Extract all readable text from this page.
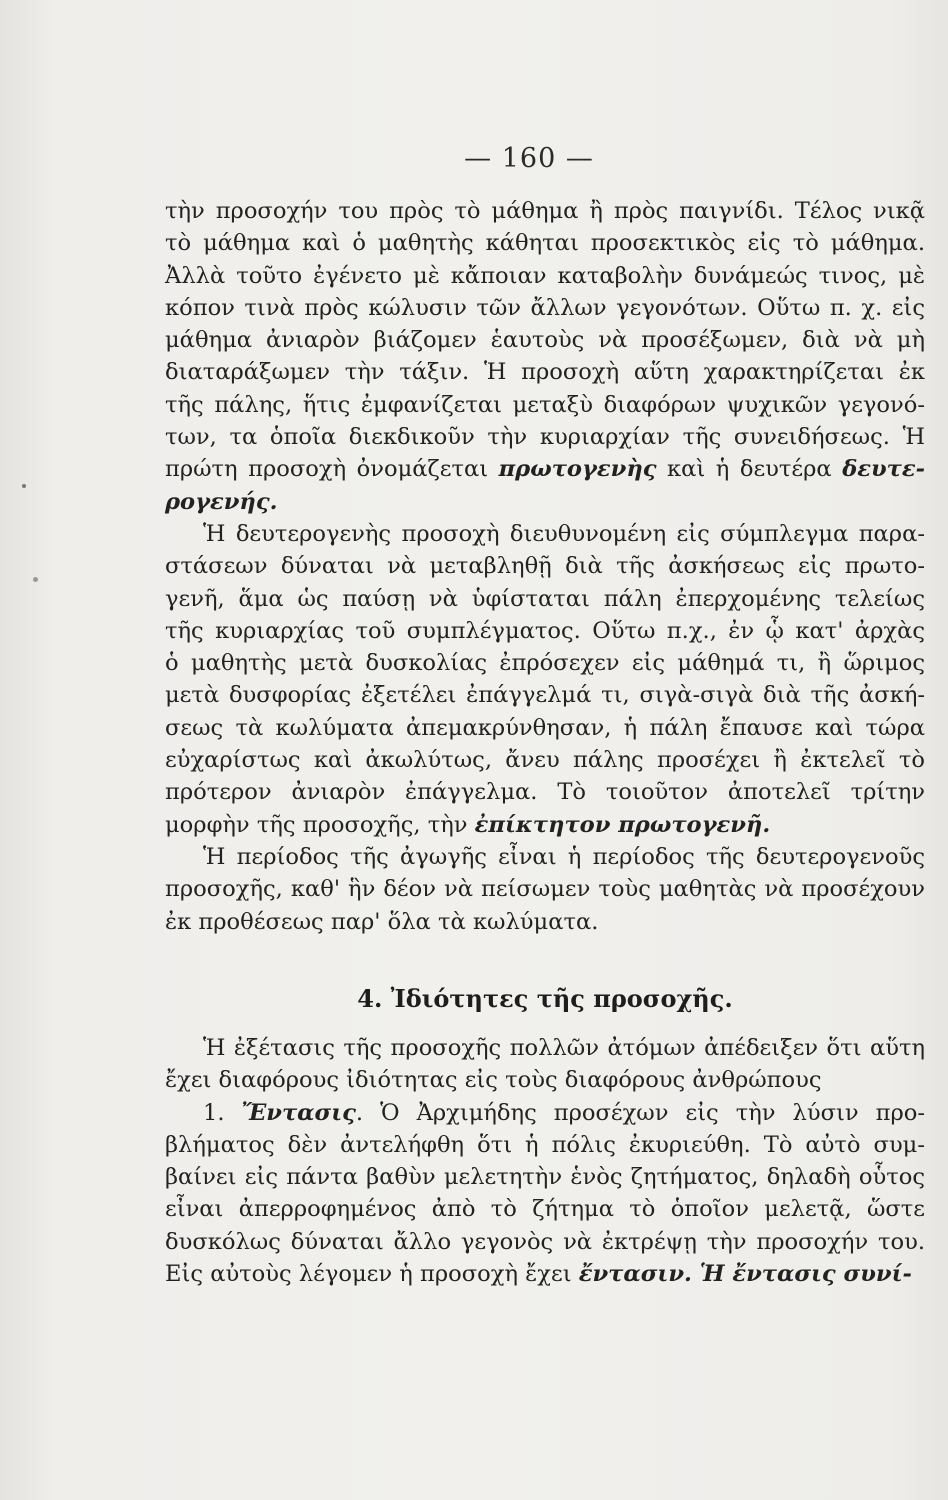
— 160 —
τὴν προσοχήν του πρὸς τὸ μάθημα ἢ πρὸς παιγνίδι. Τέλος νικᾷ
τὸ μάθημα καὶ ὁ μαθητὴς κάθηται προσεκτικὸς εἰς τὸ μάθημα.
Ἀλλὰ τοῦτο ἐγένετο μὲ κἄποιαν καταβολὴν δυνάμεώς τινος, μὲ
κόπον τινὰ πρὸς κώλυσιν τῶν ἄλλων γεγονότων. Οὕτω π. χ. εἰς
μάθημα ἀνιαρὸν βιάζομεν ἑαυτοὺς νὰ προσέξωμεν, διὰ νὰ μὴ
διαταράξωμεν τὴν τάξιν. Ἡ προσοχὴ αὕτη χαρακτηρίζεται ἐκ
τῆς πάλης, ἥτις ἐμφανίζεται μεταξὺ διαφόρων ψυχικῶν γεγονό-
των, τα ὁποῖα διεκδικοῦν τὴν κυριαρχίαν τῆς συνειδήσεως. Ἡ
πρώτη προσοχὴ ὀνομάζεται πρωτογενὴς καὶ ἡ δευτέρα δευτε-
ρογενής.
Ἡ δευτερογενὴς προσοχὴ διευθυνομένη εἰς σύμπλεγμα παρα-
στάσεων δύναται νὰ μεταβληθῇ διὰ τῆς ἀσκήσεως εἰς πρωτο-
γενῆ, ἅμα ὡς παύσῃ νὰ ὑφίσταται πάλη ἐπερχομένης τελείως
τῆς κυριαρχίας τοῦ συμπλέγματος. Οὕτω π.χ., ἐν ᾧ κατ' ἀρχὰς
ὁ μαθητὴς μετὰ δυσκολίας ἐπρόσεχεν εἰς μάθημά τι, ἢ ὥριμος
μετὰ δυσφορίας ἐξετέλει ἐπάγγελμά τι, σιγὰ-σιγὰ διὰ τῆς ἀσκή-
σεως τὰ κωλύματα ἀπεμακρύνθησαν, ἡ πάλη ἔπαυσε καὶ τώρα
εὐχαρίστως καὶ ἀκωλύτως, ἄνευ πάλης προσέχει ἢ ἐκτελεῖ τὸ
πρότερον ἀνιαρὸν ἐπάγγελμα. Τὸ τοιοῦτον ἀποτελεῖ τρίτην
μορφὴν τῆς προσοχῆς, τὴν ἐπίκτητον πρωτογενῆ.
Ἡ περίοδος τῆς ἀγωγῆς εἶναι ἡ περίοδος τῆς δευτερογενοῦς
προσοχῆς, καθ' ἣν δέον νὰ πείσωμεν τοὺς μαθητὰς νὰ προσέχουν
ἐκ προθέσεως παρ' ὅλα τὰ κωλύματα.
4. Ἰδιότητες τῆς προσοχῆς.
Ἡ ἐξέτασις τῆς προσοχῆς πολλῶν ἀτόμων ἀπέδειξεν ὅτι αὕτη
ἔχει διαφόρους ἰδιότητας εἰς τοὺς διαφόρους ἀνθρώπους
1. Ἔντασις. Ὁ Ἀρχιμήδης προσέχων εἰς τὴν λύσιν προ-
βλήματος δὲν ἀντελήφθη ὅτι ἡ πόλις ἐκυριεύθη. Τὸ αὐτὸ συμ-
βαίνει εἰς πάντα βαθὺν μελετητὴν ἑνὸς ζητήματος, δηλαδὴ οὗτος
εἶναι ἀπερροφημένος ἀπὸ τὸ ζήτημα τὸ ὁποῖον μελετᾷ, ὥστε
δυσκόλως δύναται ἄλλο γεγονὸς νὰ ἐκτρέψῃ τὴν προσοχήν του.
Εἰς αὐτοὺς λέγομεν ἡ προσοχὴ ἔχει ἔντασιν. Ἡ ἔντασις συνί-
